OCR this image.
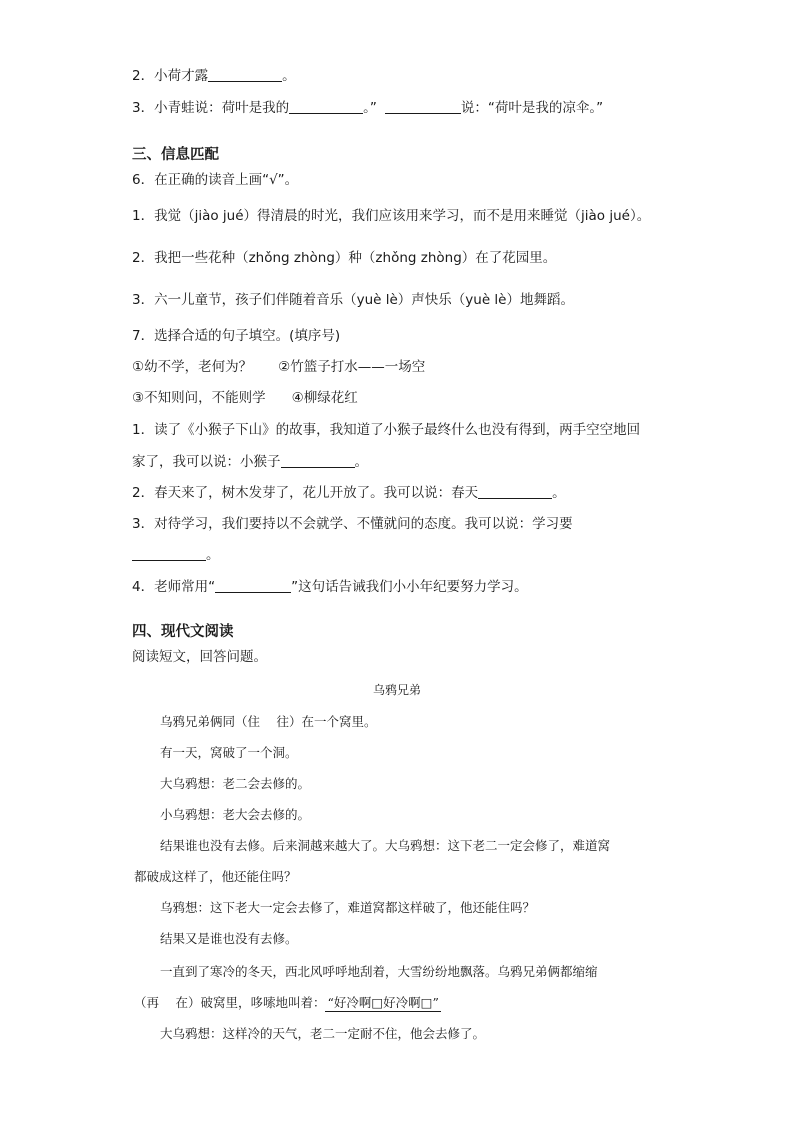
2．小荷才露	。
3．小青蛙说：荷叶是我的	。”	说：“荷叶是我的凉伞。”
三、信息匹配
6．在正确的读音上画“√”。
1．我觉（jiào jué）得清晨的时光，我们应该用来学习，而不是用来睡觉（jiào jué）。
2．我把一些花种（zhǒng zhòng）种（zhǒng zhòng）在了花园里。
3．六一儿童节，孩子们伴随着音乐（yuè lè）声快乐（yuè lè）地舞蹈。
7．选择合适的句子填空。(填序号)
①幼不学，老何为？ ②竹篮子打水——一场空
③不知则问，不能则学 ④柳绿花红
1．读了《小猴子下山》的故事，我知道了小猴子最终什么也没有得到，两手空空地回
家了，我可以说：小猴子	。
2．春天来了，树木发芽了，花儿开放了。我可以说：春天	。
3．对待学习，我们要持以不会就学、不懂就问的态度。我可以说：学习要
。
4．老师常用“	”这句话告诫我们小小年纪要努力学习。
四、现代文阅读
阅读短文，回答问题。
乌鸦兄弟
乌鸦兄弟俩同（住　 往）在一个窝里。
有一天，窝破了一个洞。
大乌鸦想：老二会去修的。
小乌鸦想：老大会去修的。
结果谁也没有去修。后来洞越来越大了。大乌鸦想：这下老二一定会修了，难道窝
都破成这样了，他还能住吗？
乌鸦想：这下老大一定会去修了，难道窝都这样破了，他还能住吗？
结果又是谁也没有去修。
一直到了寒冷的冬天，西北风呼呼地刮着，大雪纷纷地飘落。乌鸦兄弟俩都缩缩
（再　 在）破窝里，哆嗦地叫着： “好冷啊□好冷啊□”
大乌鸦想：这样冷的天气，老二一定耐不住，他会去修了。
